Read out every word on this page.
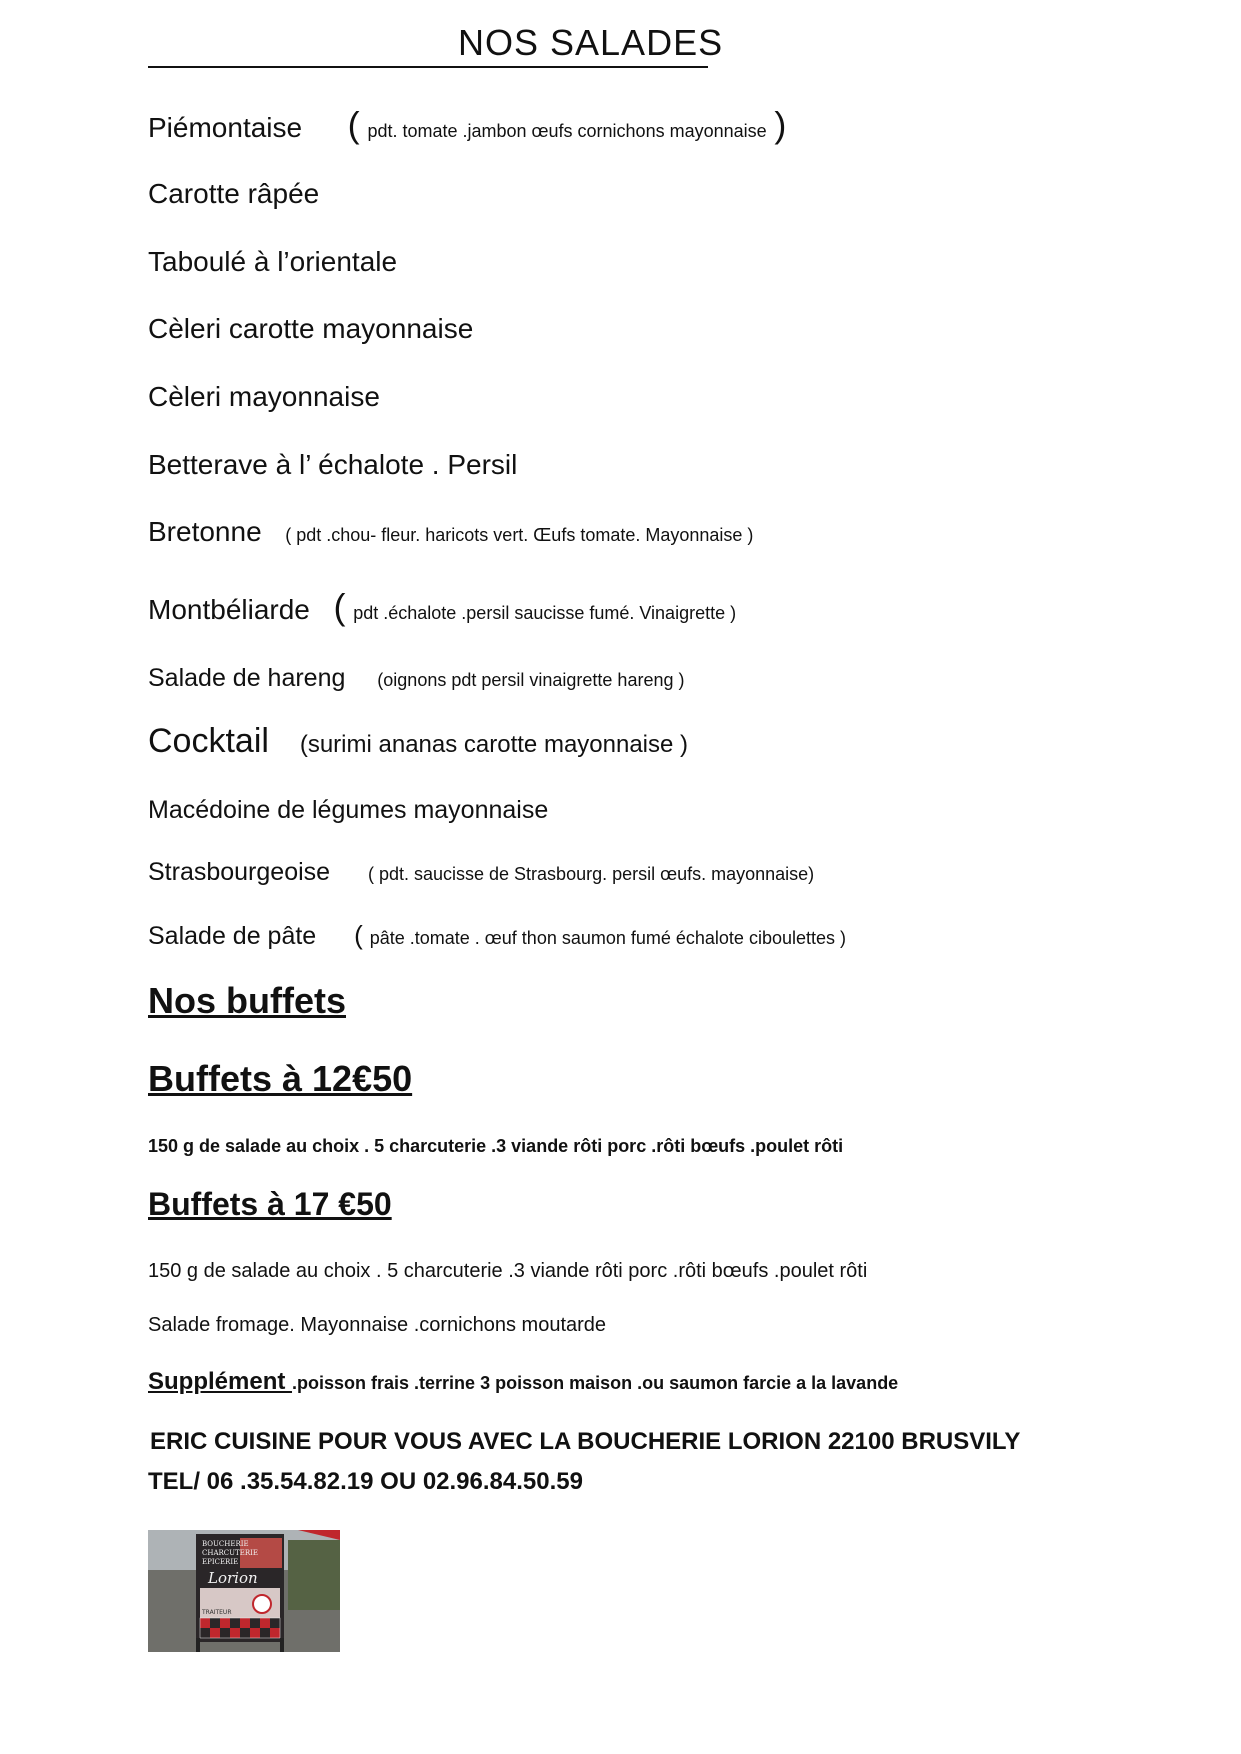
NOS SALADES
Piémontaise ( pdt. tomate .jambon œufs cornichons mayonnaise )
Carotte râpée
Taboulé à l’orientale
Cèleri carotte mayonnaise
Cèleri mayonnaise
Betterave à l’ échalote . Persil
Bretonne ( pdt .chou- fleur. haricots vert. Œufs tomate. Mayonnaise )
Montbéliarde ( pdt .échalote .persil saucisse fumé. Vinaigrette )
Salade de hareng (oignons pdt persil vinaigrette hareng )
Cocktail (surimi ananas carotte mayonnaise )
Macédoine de légumes mayonnaise
Strasbourgeoise ( pdt. saucisse de Strasbourg. persil œufs. mayonnaise)
Salade de pâte ( pâte .tomate . œuf thon saumon fumé échalote ciboulettes )
Nos buffets
Buffets à 12€50
150 g de salade au choix . 5 charcuterie .3 viande rôti porc .rôti bœufs .poulet rôti
Buffets à 17 €50
150 g de salade au choix . 5 charcuterie .3 viande rôti porc .rôti bœufs .poulet rôti
Salade fromage. Mayonnaise .cornichons moutarde
Supplément .poisson frais .terrine 3 poisson maison .ou saumon farcie a la lavande
ERIC CUISINE POUR VOUS AVEC LA BOUCHERIE LORION 22100 BRUSVILY
TEL/ 06 .35.54.82.19 OU 02.96.84.50.59
BOUCHERIE
CHARCUTERIE
EPICERIE
Lorion
TRAITEUR
